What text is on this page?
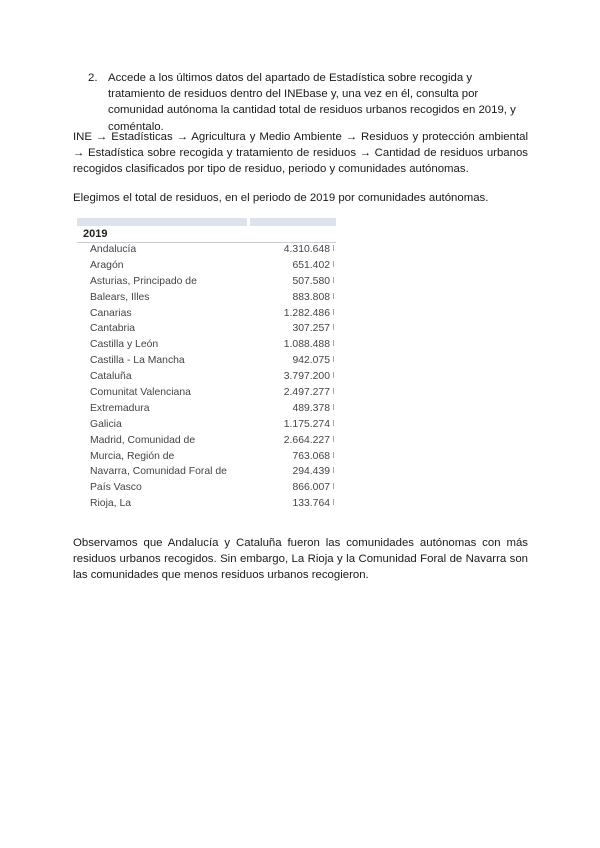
2. Accede a los últimos datos del apartado de Estadística sobre recogida y tratamiento de residuos dentro del INEbase y, una vez en él, consulta por comunidad autónoma la cantidad total de residuos urbanos recogidos en 2019, y coméntalo.
INE → Estadísticas → Agricultura y Medio Ambiente → Residuos y protección ambiental → Estadística sobre recogida y tratamiento de residuos → Cantidad de residuos urbanos recogidos clasificados por tipo de residuo, periodo y comunidades autónomas.
Elegimos el total de residuos, en el periodo de 2019 por comunidades autónomas.
2019
Andalucía	4.310.648
Aragón	651.402
Asturias, Principado de	507.580
Balears, Illes	883.808
Canarias	1.282.486
Cantabria	307.257
Castilla y León	1.088.488
Castilla - La Mancha	942.075
Cataluña	3.797.200
Comunitat Valenciana	2.497.277
Extremadura	489.378
Galicia	1.175.274
Madrid, Comunidad de	2.664.227
Murcia, Región de	763.068
Navarra, Comunidad Foral de	294.439
País Vasco	866.007
Rioja, La	133.764
Observamos que Andalucía y Cataluña fueron las comunidades autónomas con más residuos urbanos recogidos. Sin embargo, La Rioja y la Comunidad Foral de Navarra son las comunidades que menos residuos urbanos recogieron.
